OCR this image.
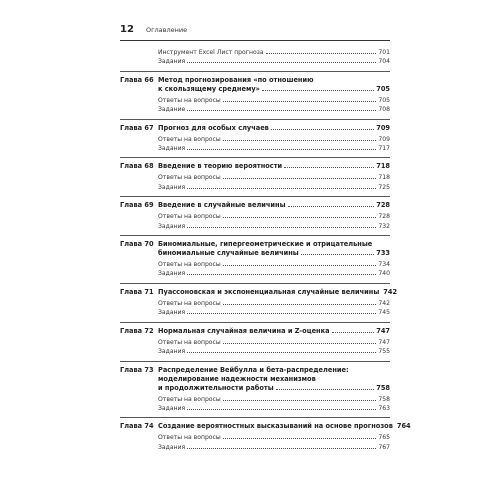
12 Оглавление
Инструмент Excel Лист прогноза	701
Задания	704
Глава 66 Метод прогнозирования «по отношению
к скользящему среднему»	705
Ответы на вопросы	705
Задание	708
Глава 67 Прогноз для особых случаев	709
Ответы на вопросы	709
Задания	717
Глава 68 Введение в теорию вероятности	718
Ответы на вопросы	718
Задания	725
Глава 69 Введение в случайные величины	728
Ответы на вопросы	728
Задания	732
Глава 70 Биномиальные, гипергеометрические и отрицательные
биномиальные случайные величины	733
Ответы на вопросы	734
Задания	740
Глава 71 Пуассоновская и экспоненциальная случайные величины 742
Ответы на вопросы	742
Задания	745
Глава 72 Нормальная случайная величина и Z-оценка	747
Ответы на вопросы	747
Задания	755
Глава 73 Распределение Вейбулла и бета-распределение:
моделирование надежности механизмов
и продолжительности работы	758
Ответы на вопросы	758
Задания	763
Глава 74 Создание вероятностных высказываний на основе прогнозов 764
Ответы на вопросы	765
Задания	767
